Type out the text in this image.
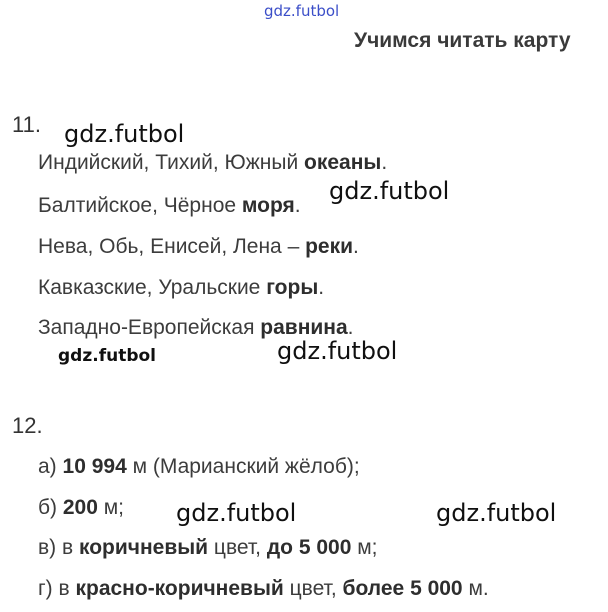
gdz.futbol
Учимся читать карту
11.
Индийский, Тихий, Южный океаны.
Балтийское, Чёрное моря.
Нева, Обь, Енисей, Лена – реки.
Кавказские, Уральские горы.
Западно-Европейская равнина.
12.
а) 10 994 м (Марианский жёлоб);
б) 200 м;
в) в коричневый цвет, до 5 000 м;
г) в красно-коричневый цвет, более 5 000 м.
gdz.futbol
gdz.futbol
gdz.futbol	gdz.futbol
gdz.futbol	gdz.futbol
